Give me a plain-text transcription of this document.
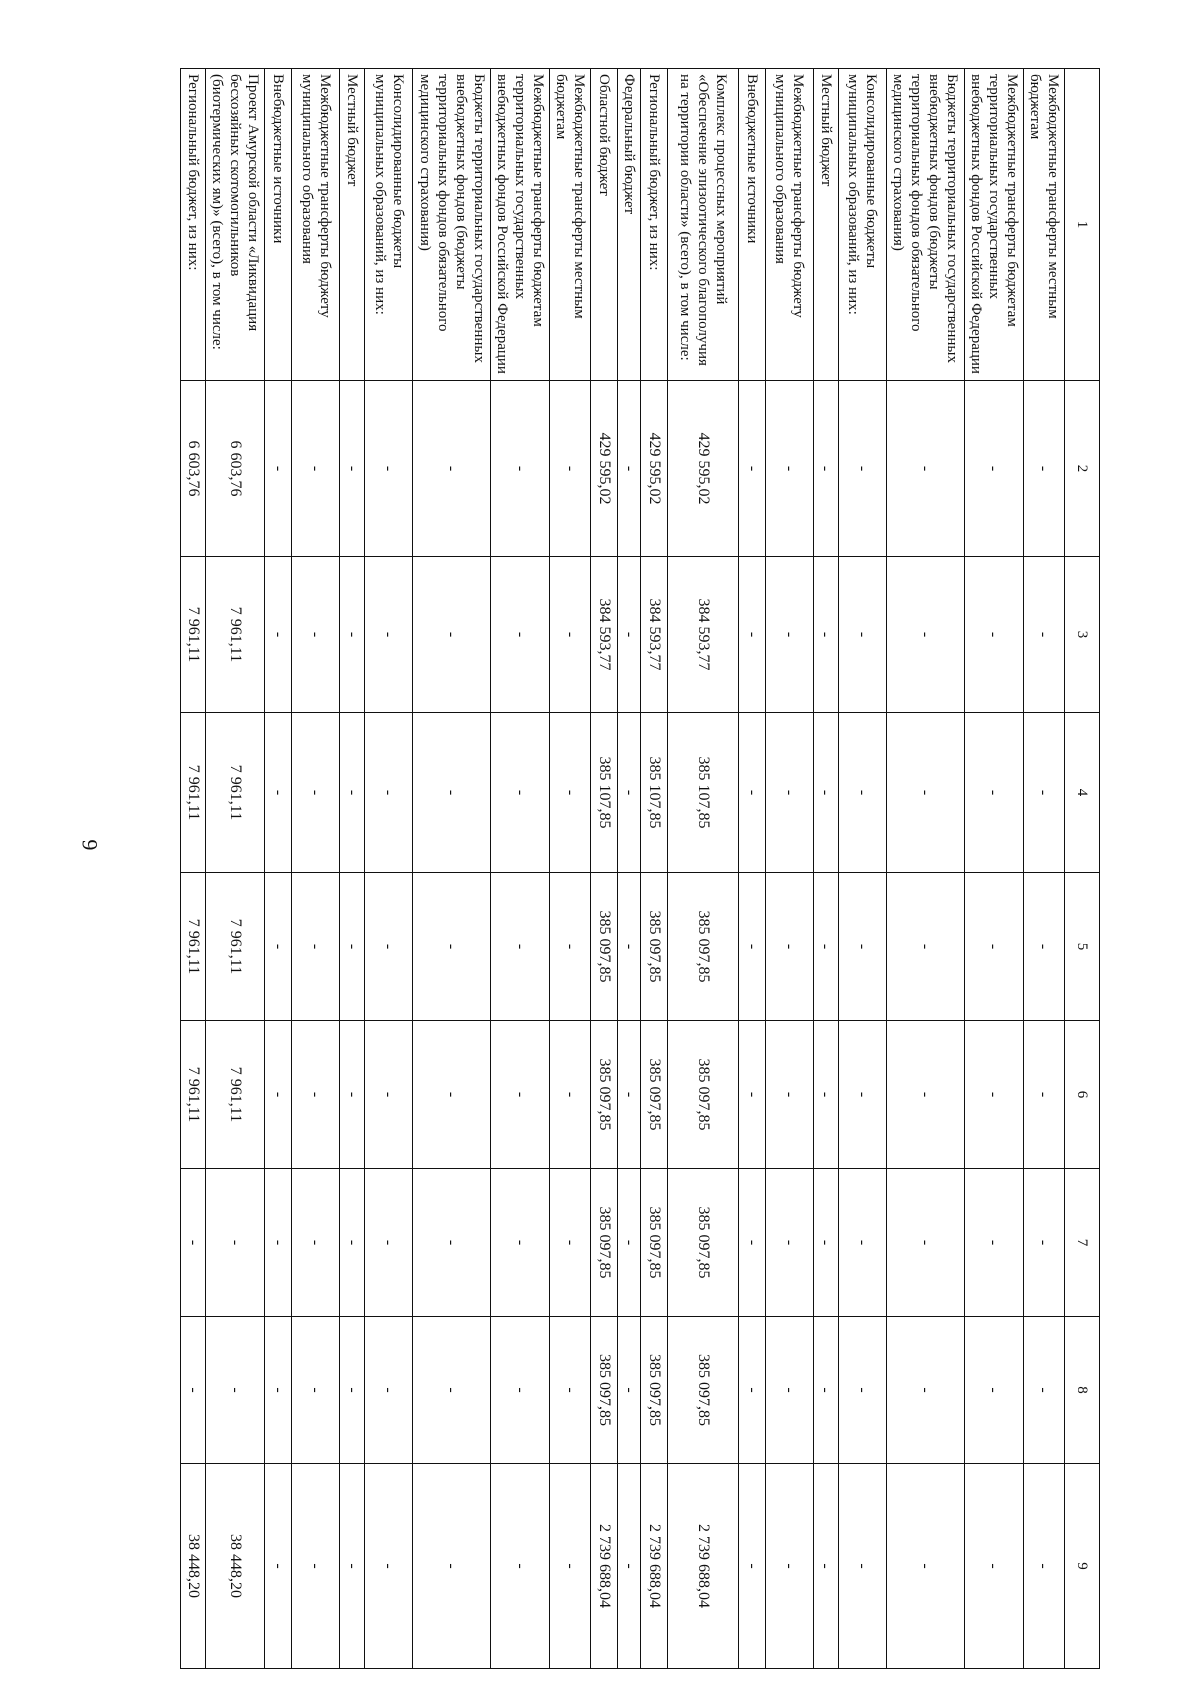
6
1	2	3	4	5	6	7	8	9
Межбюджетные трансферты местным бюджетам	-	-	-	-	-	-	-	-
Межбюджетные трансферты бюджетам территориальных государственных внебюджетных фондов Российской Федерации	-	-	-	-	-	-	-	-
Бюджеты территориальных государственных внебюджетных фондов (бюджеты территориальных фондов обязательного медицинского страхования)	-	-	-	-	-	-	-	-
Консолидированные бюджеты муниципальных образований, из них:	-	-	-	-	-	-	-	-
Местный бюджет	-	-	-	-	-	-	-	-
Межбюджетные трансферты бюджету муниципального образования	-	-	-	-	-	-	-	-
Внебюджетные источники	-	-	-	-	-	-	-	-
Комплекс процессных мероприятий «Обеспечение эпизоотического благополучия на территории области» (всего), в том числе:	429 595,02	384 593,77	385 107,85	385 097,85	385 097,85	385 097,85	385 097,85	2 739 688,04
Региональный бюджет, из них:	429 595,02	384 593,77	385 107,85	385 097,85	385 097,85	385 097,85	385 097,85	2 739 688,04
Федеральный бюджет	-	-	-	-	-	-	-	-
Областной бюджет	429 595,02	384 593,77	385 107,85	385 097,85	385 097,85	385 097,85	385 097,85	2 739 688,04
Межбюджетные трансферты местным бюджетам	-	-	-	-	-	-	-	-
Межбюджетные трансферты бюджетам территориальных государственных внебюджетных фондов Российской Федерации	-	-	-	-	-	-	-	-
Бюджеты территориальных государственных внебюджетных фондов (бюджеты территориальных фондов обязательного медицинского страхования)	-	-	-	-	-	-	-	-
Консолидированные бюджеты муниципальных образований, из них:	-	-	-	-	-	-	-	-
Местный бюджет	-	-	-	-	-	-	-	-
Межбюджетные трансферты бюджету муниципального образования	-	-	-	-	-	-	-	-
Внебюджетные источники	-	-	-	-	-	-	-	-
Проект Амурской области «Ликвидация бесхозяйных скотомогильников (биотермических ям)» (всего), в том числе:	6 603,76	7 961,11	7 961,11	7 961,11	7 961,11	-	-	38 448,20
Региональный бюджет, из них:	6 603,76	7 961,11	7 961,11	7 961,11	7 961,11	-	-	38 448,20
